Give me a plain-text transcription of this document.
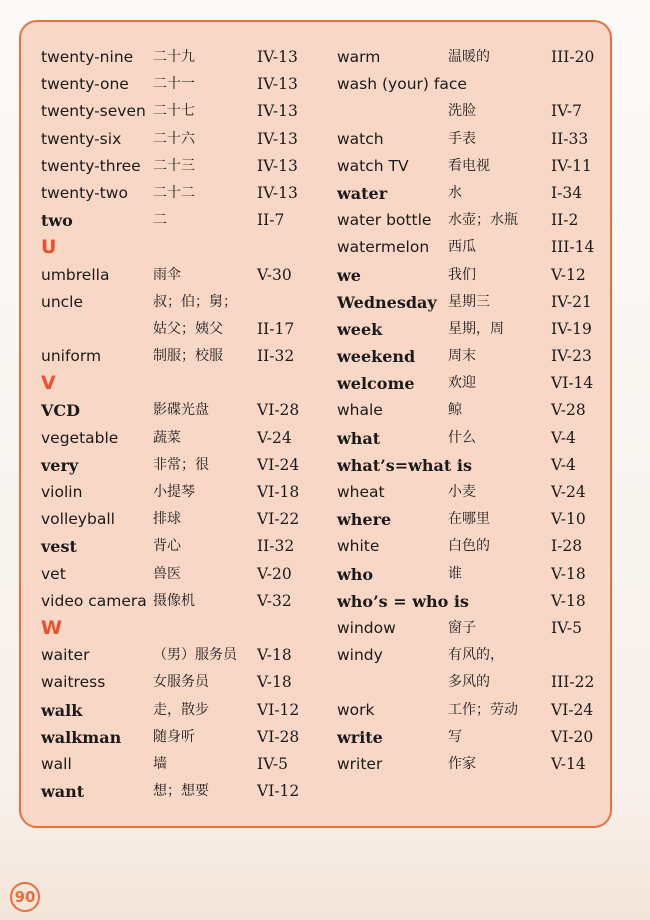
twenty-nine 二十九	IV-13
twenty-one 二十一	IV-13
twenty-seven 二十七	IV-13
twenty-six 二十六	IV-13
twenty-three 二十三	IV-13
twenty-two 二十二	IV-13
two	二	II-7
U
umbrella	雨伞	V-30
uncle	叔；伯；舅；
姑父；姨父 II-17
uniform	制服；校服 II-32
V
VCD	影碟光盘	VI-28
vegetable 蔬菜	V-24
very	非常；很	VI-24
violin	小提琴	VI-18
volleyball	排球	VI-22
vest	背心	II-32
vet	兽医	V-20
video camera 摄像机	V-32
W
waiter	（男）服务员 V-18
waitress	女服务员	V-18
walk	走，散步	VI-12
walkman 随身听	VI-28
wall	墙	IV-5
want	想；想要	VI-12
warm	温暖的	III-20
wash (your) face
洗脸	IV-7
watch	手表	II-33
watch TV	看电视	IV-11
water	水	I-34
water bottle 水壶；水瓶 II-2
watermelon 西瓜	III-14
we	我们	V-12
Wednesday 星期三	IV-21
week	星期，周	IV-19
weekend 周末	IV-23
welcome 欢迎	VI-14
whale	鲸	V-28
what	什么	V-4
what’s=what is	V-4
wheat	小麦	V-24
where	在哪里	V-10
white	白色的	I-28
who	谁	V-18
who’s = who is	V-18
window	窗子	IV-5
windy	有风的，
多风的	III-22
work	工作；劳动 VI-24
write	写	VI-20
writer	作家	V-14
90
